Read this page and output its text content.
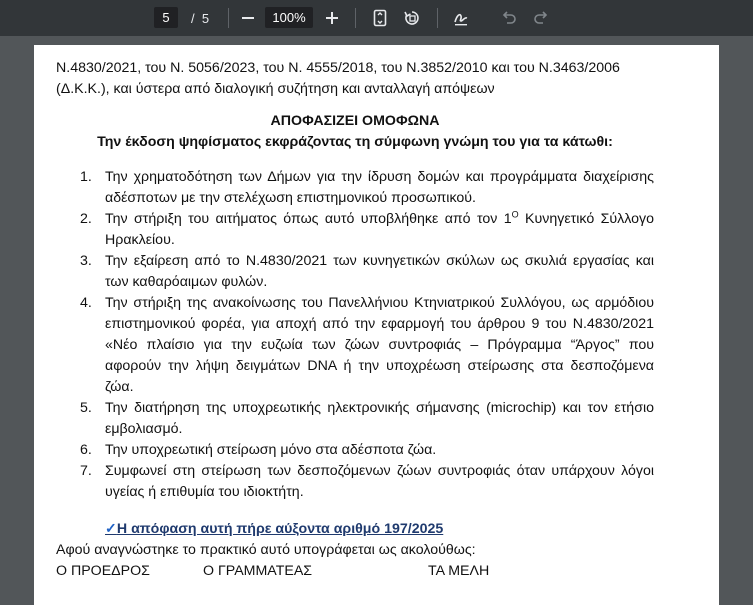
5	/
5	100%
Ν.4830/2021, του Ν. 5056/2023, του Ν. 4555/2018, του Ν.3852/2010 και του Ν.3463/2006 (Δ.Κ.Κ.), και ύστερα από διαλογική συζήτηση και ανταλλαγή απόψεων
ΑΠΟΦΑΣΙΖΕΙ ΟΜΟΦΩΝΑ
Την έκδοση ψηφίσματος εκφράζοντας τη σύμφωνη γνώμη του για τα κάτωθι:
1. Την χρηματοδότηση των Δήμων για την ίδρυση δομών και προγράμματα διαχείρισης αδέσποτων με την στελέχωση επιστημονικού προσωπικού.
2. Την στήριξη του αιτήματος όπως αυτό υποβλήθηκε από τον $1^O$ Κυνηγετικό Σύλλογο Ηρακλείου.
3. Την εξαίρεση από το Ν.4830/2021 των κυνηγετικών σκύλων ως σκυλιά εργασίας και των καθαρόαιμων φυλών.
4. Την στήριξη της ανακοίνωσης του Πανελλήνιου Κτηνιατρικού Συλλόγου, ως αρμόδιου επιστημονικού φορέα, για αποχή από την εφαρμογή του άρθρου 9 του Ν.4830/2021 «Νέο πλαίσιο για την ευζωία των ζώων συντροφιάς – Πρόγραμμα “Άργος” που αφορούν την λήψη δειγμάτων DNA ή την υποχρέωση στείρωσης στα δεσποζόμενα ζώα.
5. Την διατήρηση της υποχρεωτικής ηλεκτρονικής σήμανσης (microchip) και τον ετήσιο εμβολιασμό.
6. Την υποχρεωτική στείρωση μόνο στα αδέσποτα ζώα.
7. Συμφωνεί στη στείρωση των δεσποζόμενων ζώων συντροφιάς όταν υπάρχουν λόγοι υγείας ή επιθυμία του ιδιοκτήτη.
✓Η απόφαση αυτή πήρε αύξοντα αριθμό 197/2025
Αφού αναγνώστηκε το πρακτικό αυτό υπογράφεται ως ακολούθως:
Ο ΠΡΟΕΔΡΟΣ	Ο ΓΡΑΜΜΑΤΕΑΣ	ΤΑ ΜΕΛΗ
